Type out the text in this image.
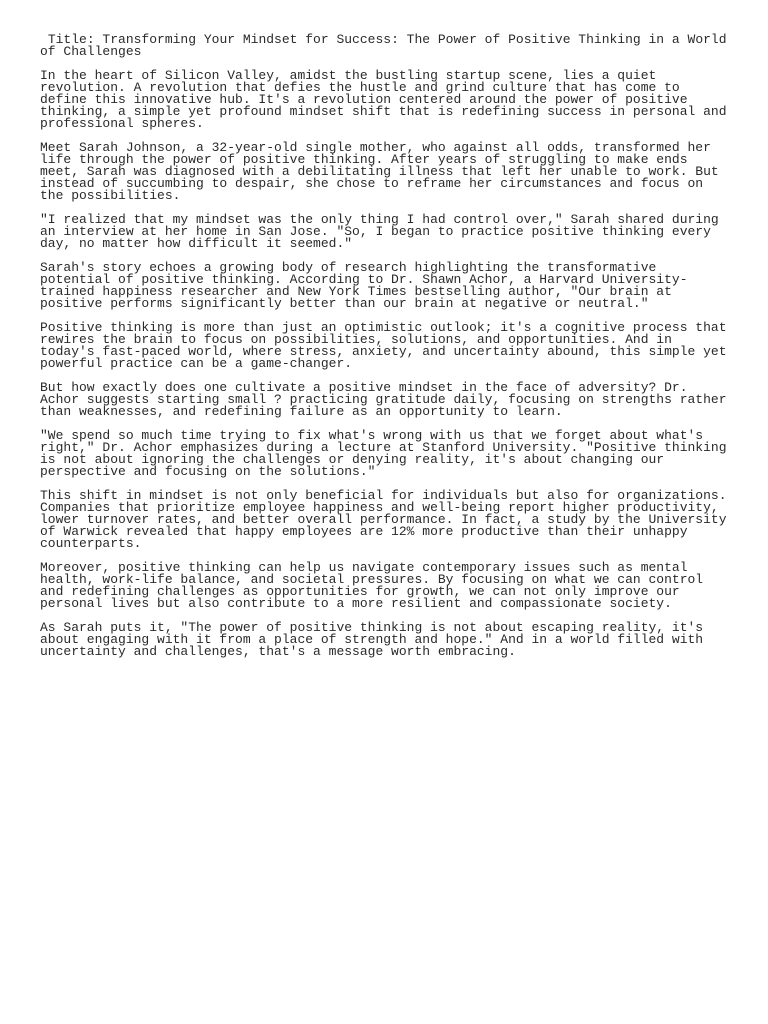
Title: Transforming Your Mindset for Success: The Power of Positive Thinking in a World of Challenges

In the heart of Silicon Valley, amidst the bustling startup scene, lies a quiet revolution. A revolution that defies the hustle and grind culture that has come to define this innovative hub. It's a revolution centered around the power of positive thinking, a simple yet profound mindset shift that is redefining success in personal and professional spheres.

Meet Sarah Johnson, a 32-year-old single mother, who against all odds, transformed her life through the power of positive thinking. After years of struggling to make ends meet, Sarah was diagnosed with a debilitating illness that left her unable to work. But instead of succumbing to despair, she chose to reframe her circumstances and focus on the possibilities.

"I realized that my mindset was the only thing I had control over," Sarah shared during an interview at her home in San Jose. "So, I began to practice positive thinking every day, no matter how difficult it seemed."

Sarah's story echoes a growing body of research highlighting the transformative potential of positive thinking. According to Dr. Shawn Achor, a Harvard University-trained happiness researcher and New York Times bestselling author, "Our brain at positive performs significantly better than our brain at negative or neutral."

Positive thinking is more than just an optimistic outlook; it's a cognitive process that rewires the brain to focus on possibilities, solutions, and opportunities. And in today's fast-paced world, where stress, anxiety, and uncertainty abound, this simple yet powerful practice can be a game-changer.

But how exactly does one cultivate a positive mindset in the face of adversity? Dr. Achor suggests starting small ? practicing gratitude daily, focusing on strengths rather than weaknesses, and redefining failure as an opportunity to learn.

"We spend so much time trying to fix what's wrong with us that we forget about what's right," Dr. Achor emphasizes during a lecture at Stanford University. "Positive thinking is not about ignoring the challenges or denying reality, it's about changing our perspective and focusing on the solutions."

This shift in mindset is not only beneficial for individuals but also for organizations. Companies that prioritize employee happiness and well-being report higher productivity, lower turnover rates, and better overall performance. In fact, a study by the University of Warwick revealed that happy employees are 12% more productive than their unhappy counterparts.

Moreover, positive thinking can help us navigate contemporary issues such as mental health, work-life balance, and societal pressures. By focusing on what we can control and redefining challenges as opportunities for growth, we can not only improve our personal lives but also contribute to a more resilient and compassionate society.

As Sarah puts it, "The power of positive thinking is not about escaping reality, it's about engaging with it from a place of strength and hope." And in a world filled with uncertainty and challenges, that's a message worth embracing.
